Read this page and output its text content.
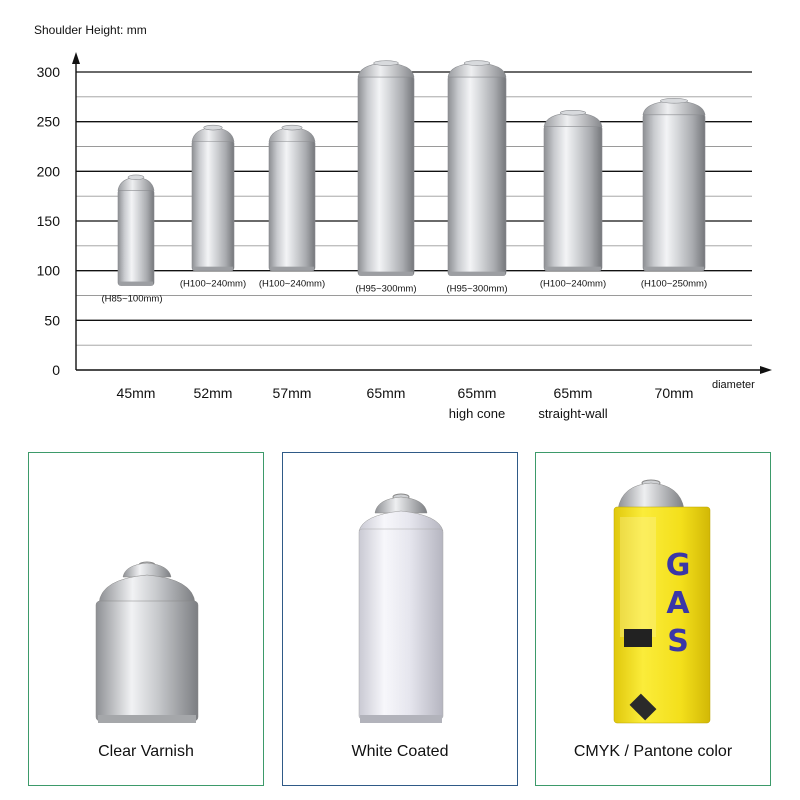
0
50
100
150
200
250
300
45mm	52mm	57mm	65mm	65mm
high cone
65mm
straight-wall
70mm
(H85~100mm)
(H100~240mm) (H100~240mm)	(H95~300mm)	(H95~300mm)	(H100~240mm)	(H100~250mm)
Shoulder Height: mm
diameter
Clear Varnish	White Coated
G
A
S
CMYK / Pantone color
